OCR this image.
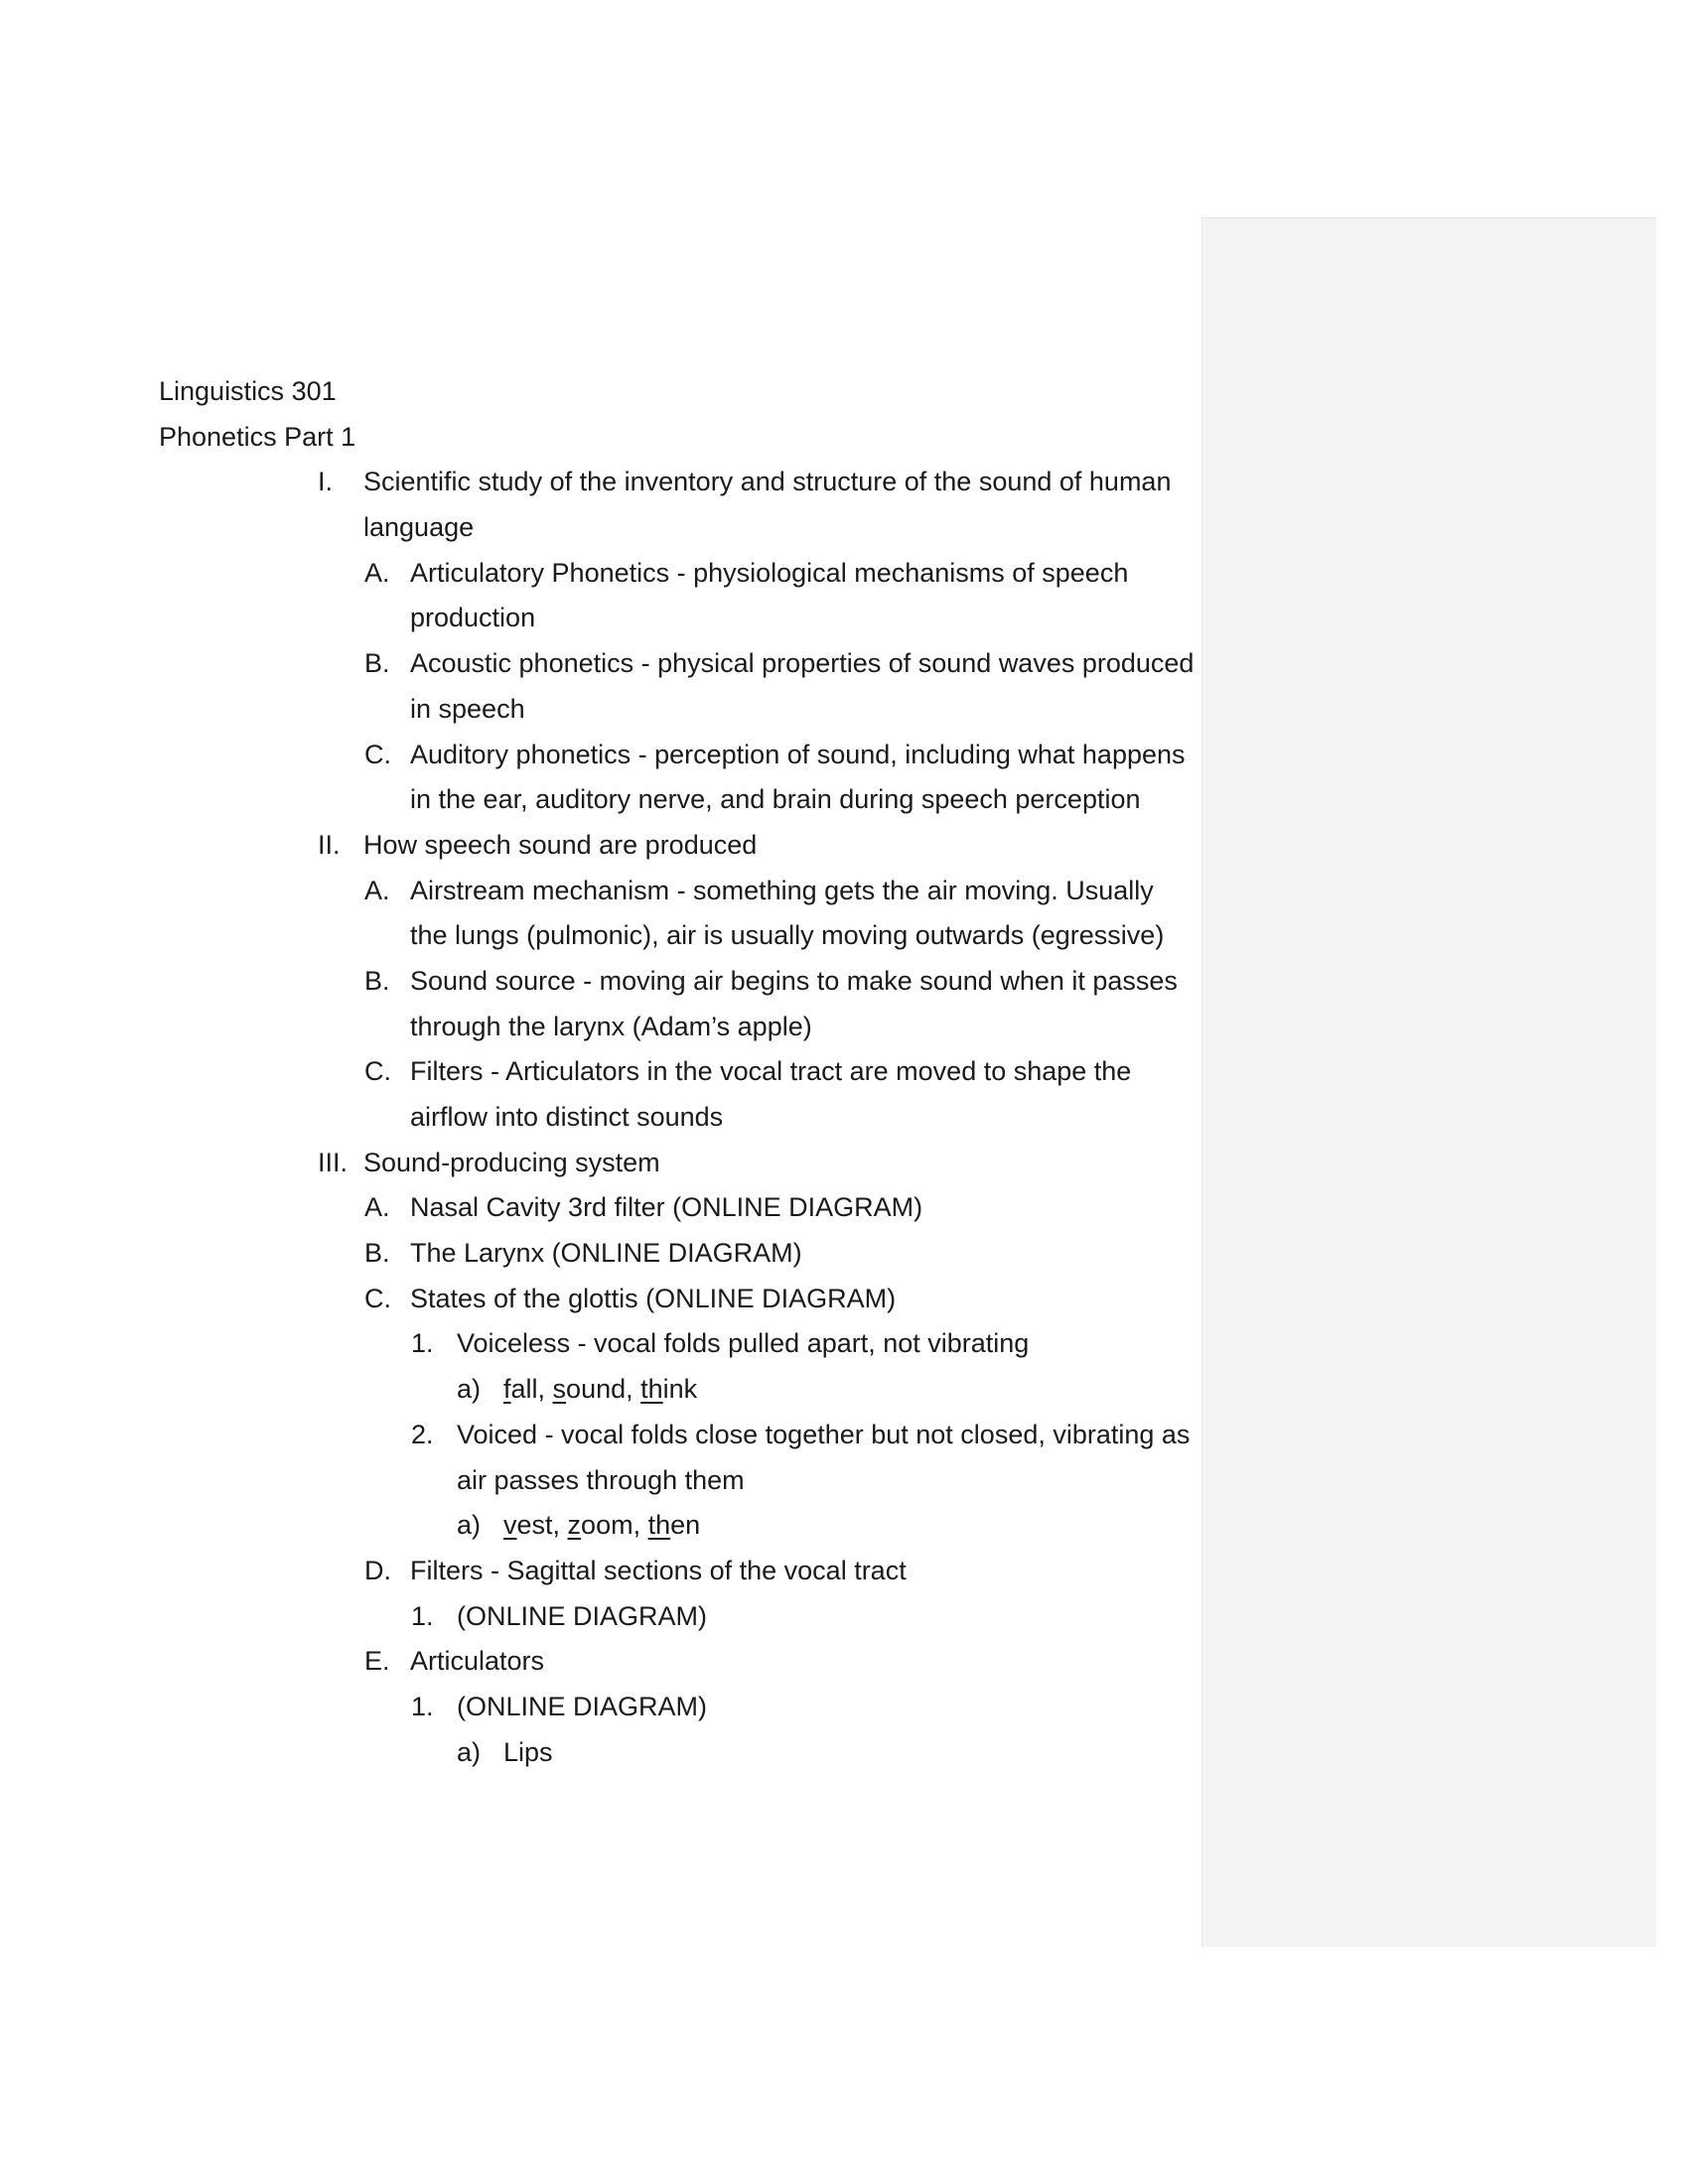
Linguistics 301
Phonetics Part 1
I. Scientific study of the inventory and structure of the sound of human
language
A. Articulatory Phonetics - physiological mechanisms of speech
production
B. Acoustic phonetics - physical properties of sound waves produced
in speech
C. Auditory phonetics - perception of sound, including what happens
in the ear, auditory nerve, and brain during speech perception
II. How speech sound are produced
A. Airstream mechanism - something gets the air moving. Usually
the lungs (pulmonic), air is usually moving outwards (egressive)
B. Sound source - moving air begins to make sound when it passes
through the larynx (Adam’s apple)
C. Filters - Articulators in the vocal tract are moved to shape the
airflow into distinct sounds
III. Sound-producing system
A. Nasal Cavity 3rd filter (ONLINE DIAGRAM)
B. The Larynx (ONLINE DIAGRAM)
C. States of the glottis (ONLINE DIAGRAM)
1. Voiceless - vocal folds pulled apart, not vibrating
a) fall, sound, think
2. Voiced - vocal folds close together but not closed, vibrating as
air passes through them
a) vest, zoom, then
D. Filters - Sagittal sections of the vocal tract
1. (ONLINE DIAGRAM)
E. Articulators
1. (ONLINE DIAGRAM)
a) Lips
